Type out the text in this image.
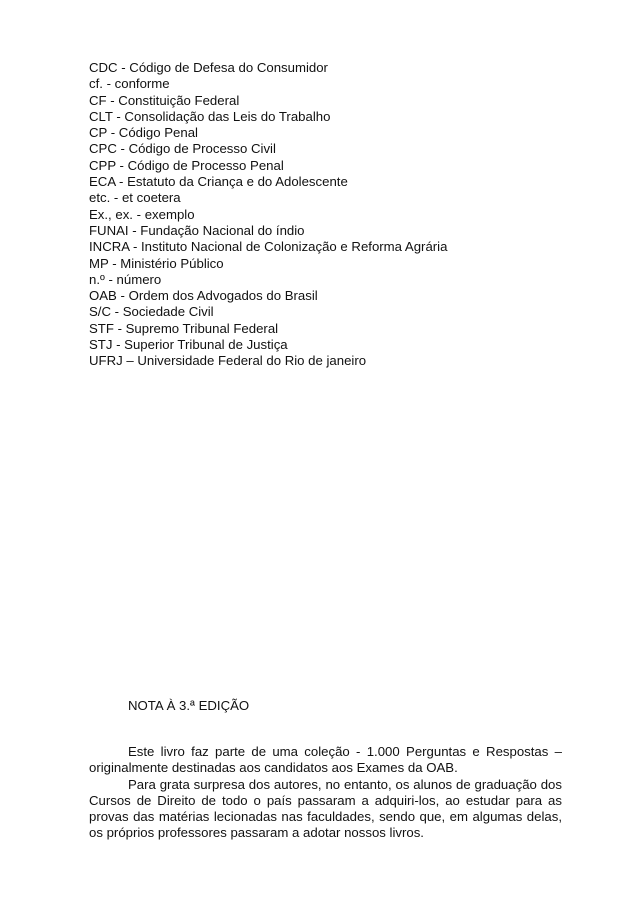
CDC - Código de Defesa do Consumidor
cf. - conforme
CF - Constituição Federal
CLT - Consolidação das Leis do Trabalho
CP - Código Penal
CPC - Código de Processo Civil
CPP - Código de Processo Penal
ECA - Estatuto da Criança e do Adolescente
etc. - et coetera
Ex., ex. - exemplo
FUNAI - Fundação Nacional do índio
INCRA - Instituto Nacional de Colonização e Reforma Agrária
MP - Ministério Público
n.º - número
OAB - Ordem dos Advogados do Brasil
S/C - Sociedade Civil
STF - Supremo Tribunal Federal
STJ - Superior Tribunal de Justiça
UFRJ – Universidade Federal do Rio de janeiro
NOTA À 3.ª EDIÇÃO

Este livro faz parte de uma coleção - 1.000 Perguntas e Respostas – originalmente destinadas aos candidatos aos Exames da OAB.

Para grata surpresa dos autores, no entanto, os alunos de graduação dos Cursos de Direito de todo o país passaram a adquiri-los, ao estudar para as provas das matérias lecionadas nas faculdades, sendo que, em algumas delas, os próprios professores passaram a adotar nossos livros.
